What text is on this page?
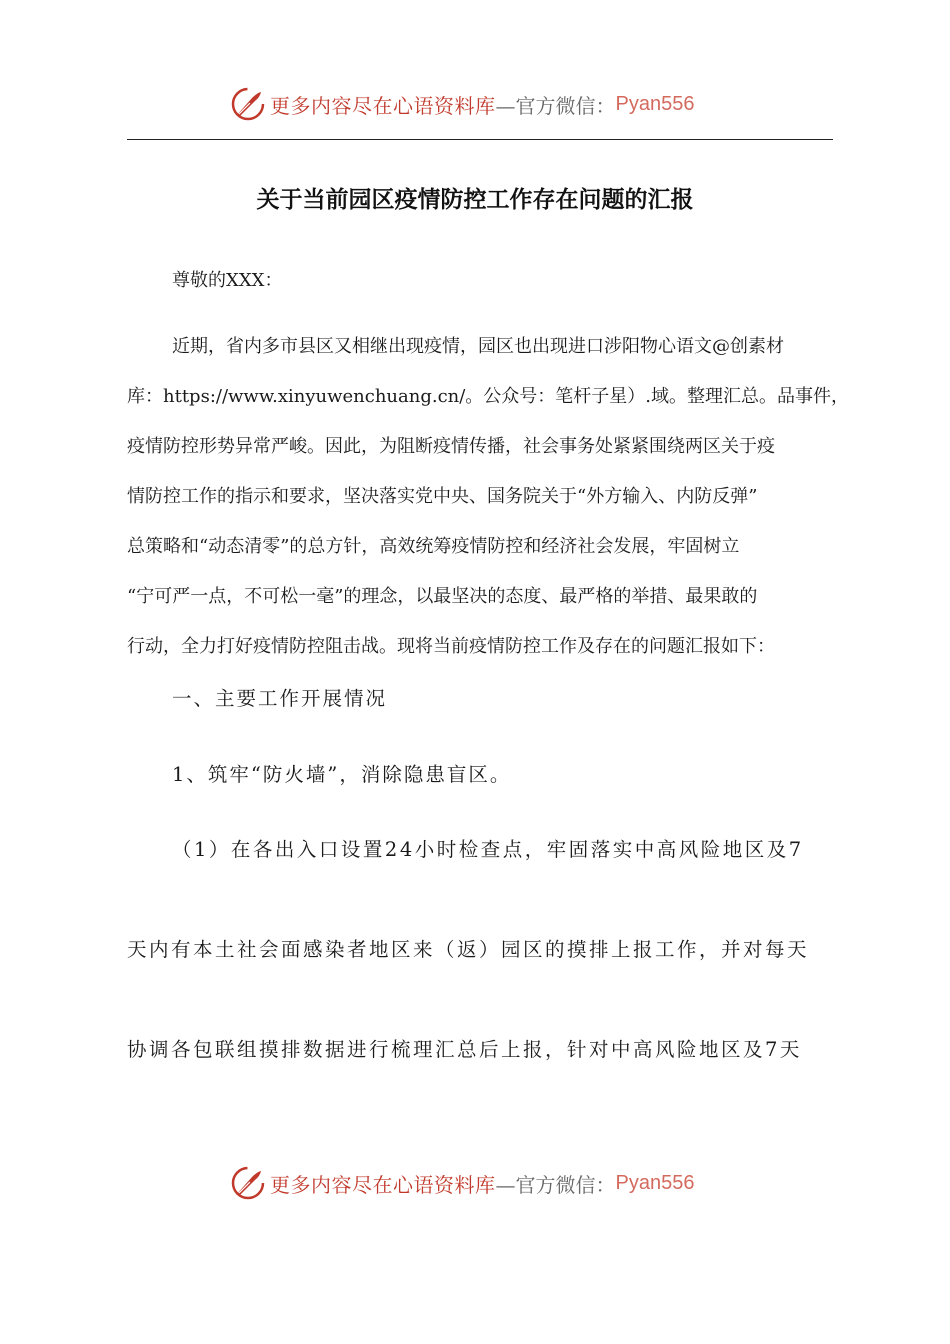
更多内容尽在心语资料库 —官方微信： Pyan556
关于当前园区疫情防控工作存在问题的汇报
尊敬的XXX：
近期，省内多市县区又相继出现疫情，园区也出现进口涉阳物心语文@创素材
库：https://www.xinyuwenchuang.cn/。公众号：笔杆子星）.域。整理汇总。品事件，
疫情防控形势异常严峻。因此，为阻断疫情传播，社会事务处紧紧围绕两区关于疫
情防控工作的指示和要求，坚决落实党中央、国务院关于“外方输入、内防反弹”
总策略和“动态清零”的总方针，高效统筹疫情防控和经济社会发展，牢固树立
“宁可严一点，不可松一毫”的理念，以最坚决的态度、最严格的举措、最果敢的
行动，全力打好疫情防控阻击战。现将当前疫情防控工作及存在的问题汇报如下：
一、主要工作开展情况
1、筑牢“防火墙”，消除隐患盲区。
（1）在各出入口设置24小时检查点，牢固落实中高风险地区及7
天内有本土社会面感染者地区来（返）园区的摸排上报工作，并对每天
协调各包联组摸排数据进行梳理汇总后上报，针对中高风险地区及7天
更多内容尽在心语资料库 —官方微信： Pyan556
